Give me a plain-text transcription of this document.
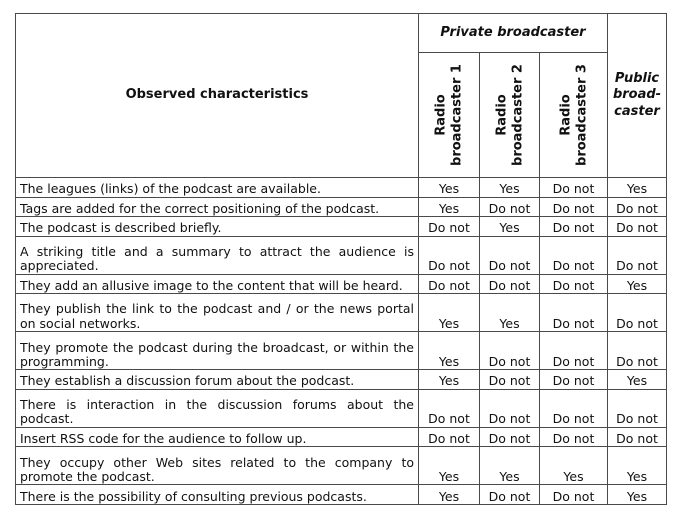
Observed characteristics	Private broadcaster			Public broad-caster

	Radio broadcaster 1	Radio broadcaster 2	Radio broadcaster 3	

The leagues (links) of the podcast are available.	Yes	Yes	Do not	Yes
Tags are added for the correct positioning of the podcast.	Yes	Do not	Do not	Do not
The podcast is described briefly.	Do not	Yes	Do not	Do not
A striking title and a summary to attract the audience is appreciated.	Do not	Do not	Do not	Do not
They add an allusive image to the content that will be heard.	Do not	Do not	Do not	Yes
They publish the link to the podcast and / or the news portal on social networks.	Yes	Yes	Do not	Do not
They promote the podcast during the broadcast, or within the programming.	Yes	Do not	Do not	Do not
They establish a discussion forum about the podcast.	Yes	Do not	Do not	Yes
There is interaction in the discussion forums about the podcast.	Do not	Do not	Do not	Do not
Insert RSS code for the audience to follow up.	Do not	Do not	Do not	Do not
They occupy other Web sites related to the company to promote the podcast.	Yes	Yes	Yes	Yes
There is the possibility of consulting previous podcasts.	Yes	Do not	Do not	Yes
